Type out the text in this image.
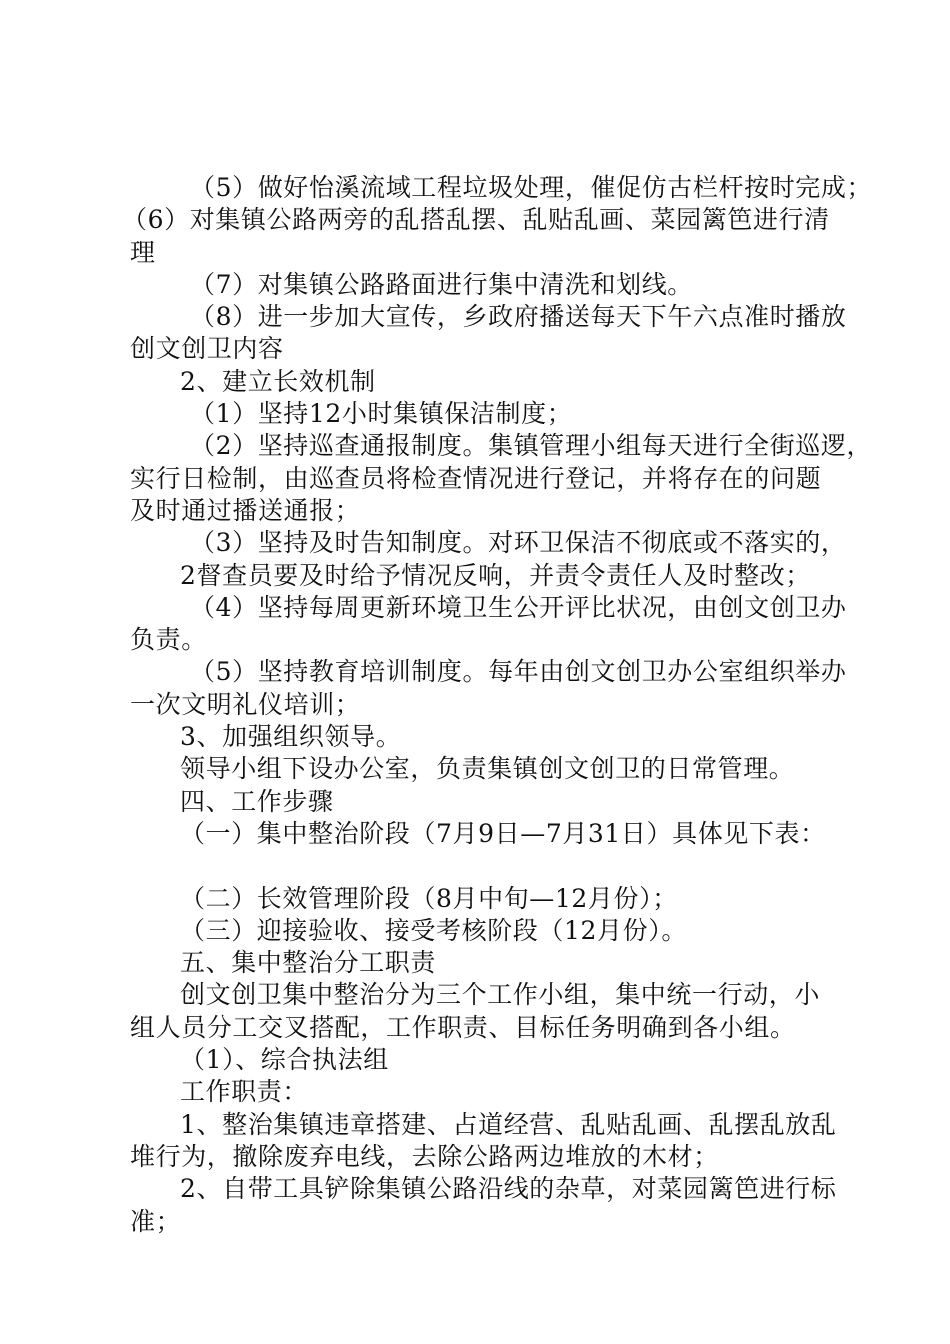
（5）做好怡溪流域工程垃圾处理，催促仿古栏杆按时完成；
（6）对集镇公路两旁的乱搭乱摆、乱贴乱画、菜园篱笆进行清
理
（7）对集镇公路路面进行集中清洗和划线。
（8）进一步加大宣传，乡政府播送每天下午六点准时播放
创文创卫内容
2、建立长效机制
（1）坚持12小时集镇保洁制度；
（2）坚持巡查通报制度。集镇管理小组每天进行全街巡逻，
实行日检制，由巡查员将检查情况进行登记，并将存在的问题
及时通过播送通报；
（3）坚持及时告知制度。对环卫保洁不彻底或不落实的，
2督查员要及时给予情况反响，并责令责任人及时整改；
（4）坚持每周更新环境卫生公开评比状况，由创文创卫办
负责。
（5）坚持教育培训制度。每年由创文创卫办公室组织举办
一次文明礼仪培训；
3、加强组织领导。
领导小组下设办公室，负责集镇创文创卫的日常管理。
四、工作步骤
（一）集中整治阶段（7月9日—7月31日）具体见下表：
（二）长效管理阶段（8月中旬—12月份）；
（三）迎接验收、接受考核阶段（12月份）。
五、集中整治分工职责
创文创卫集中整治分为三个工作小组，集中统一行动，小
组人员分工交叉搭配，工作职责、目标任务明确到各小组。
（1）、综合执法组
工作职责：
1、整治集镇违章搭建、占道经营、乱贴乱画、乱摆乱放乱
堆行为，撤除废弃电线，去除公路两边堆放的木材；
2、自带工具铲除集镇公路沿线的杂草，对菜园篱笆进行标
准；
